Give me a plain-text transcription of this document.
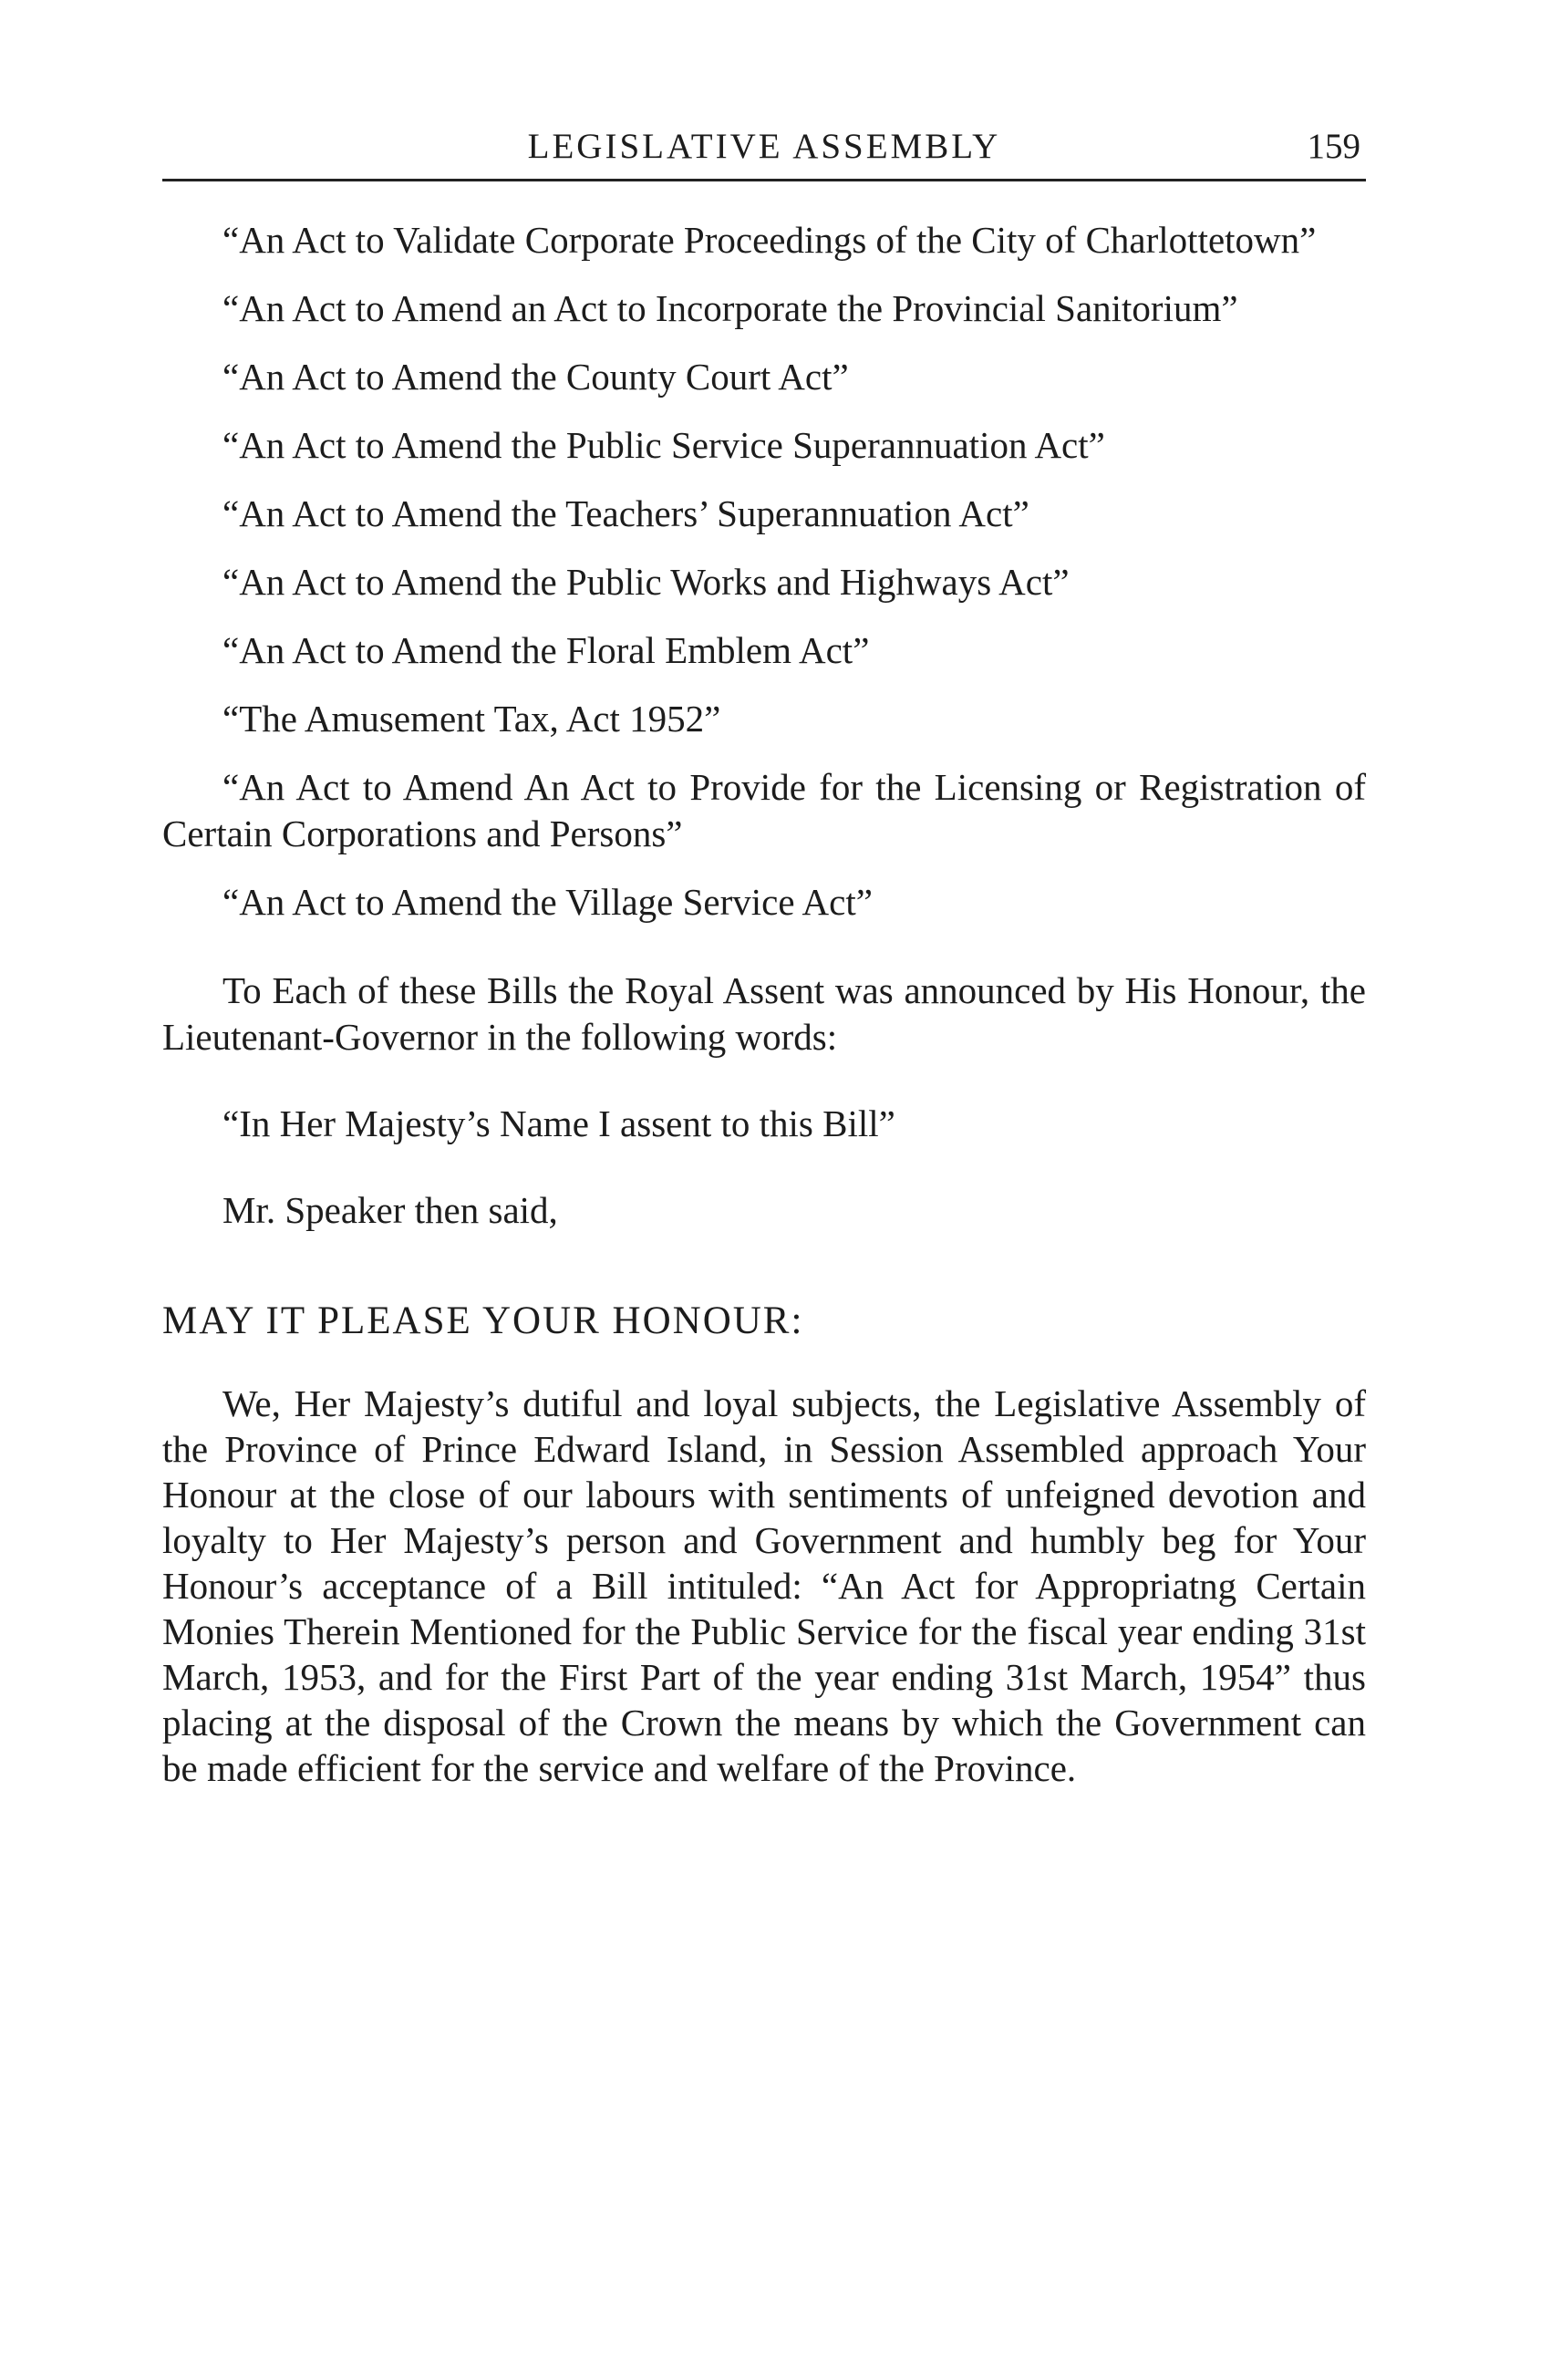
LEGISLATIVE ASSEMBLY	159

“An Act to Validate Corporate Proceedings of the City of Charlottetown”

“An Act to Amend an Act to Incorporate the Provincial Sanitorium”

“An Act to Amend the County Court Act”

“An Act to Amend the Public Service Superannuation Act”

“An Act to Amend the Teachers’ Superannuation Act”

“An Act to Amend the Public Works and Highways Act”

“An Act to Amend the Floral Emblem Act”

“The Amusement Tax, Act 1952”

“An Act to Amend An Act to Provide for the Licensing or Registration of Certain Corporations and Persons”

“An Act to Amend the Village Service Act”

To Each of these Bills the Royal Assent was announced by His Honour, the Lieutenant-Governor in the following words:

“In Her Majesty’s Name I assent to this Bill”

Mr. Speaker then said,

MAY IT PLEASE YOUR HONOUR:

We, Her Majesty’s dutiful and loyal subjects, the Legislative Assembly of the Province of Prince Edward Island, in Session Assembled approach Your Honour at the close of our labours with sentiments of unfeigned devotion and loyalty to Her Majesty’s person and Government and humbly beg for Your Honour’s acceptance of a Bill intituled: “An Act for Appropriatng Certain Monies Therein Mentioned for the Public Service for the fiscal year ending 31st March, 1953, and for the First Part of the year ending 31st March, 1954” thus placing at the disposal of the Crown the means by which the Government can be made efficient for the service and welfare of the Province.
